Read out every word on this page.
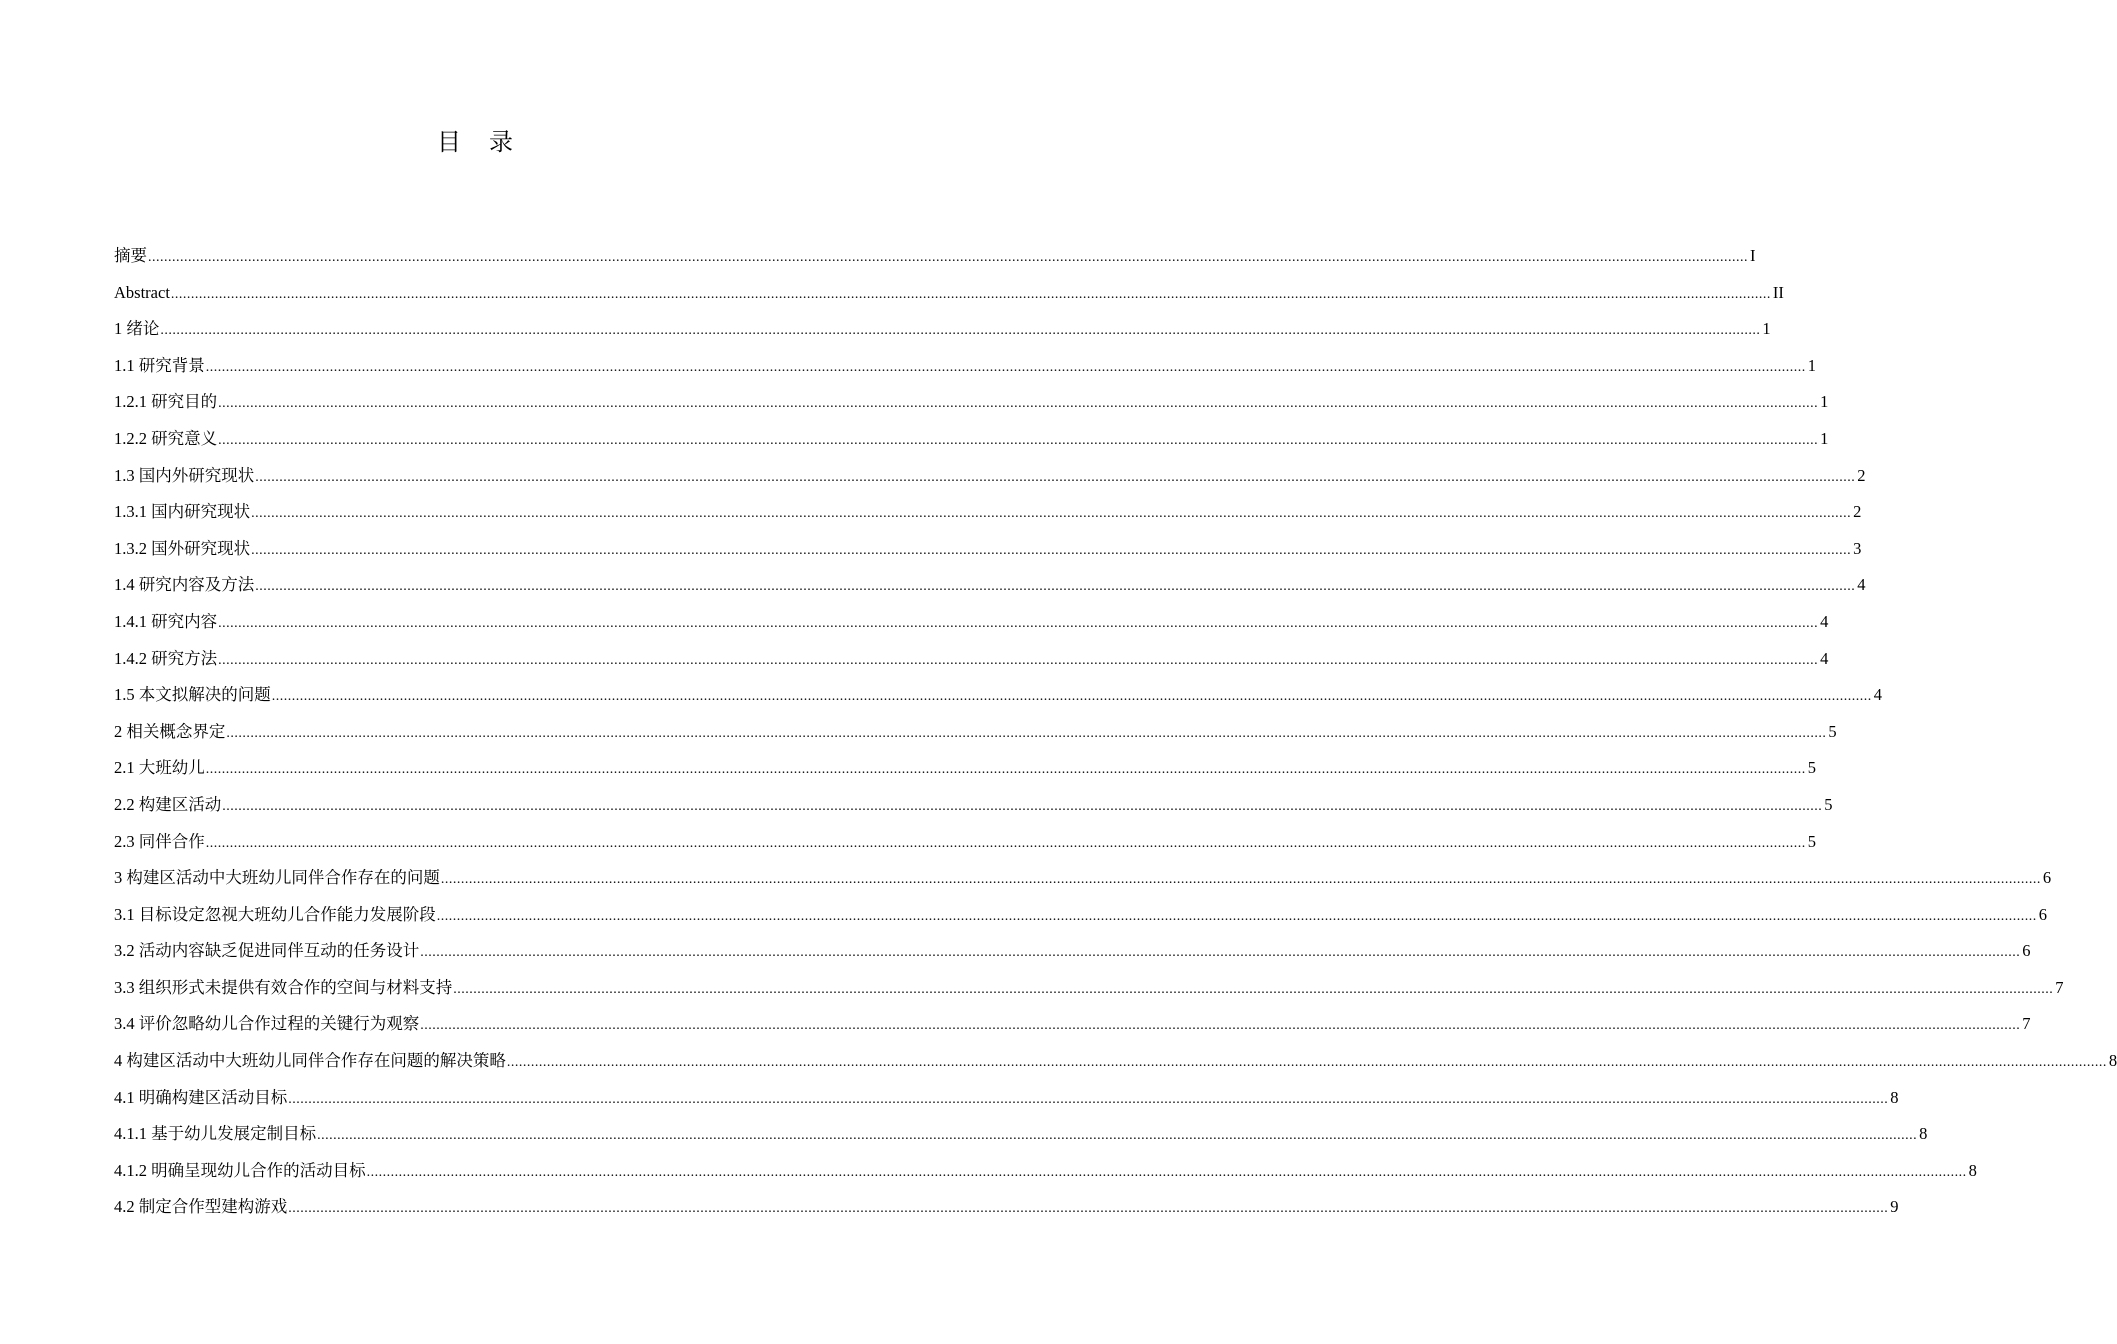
目 录
摘要 ................................................................................................................................................................................................................................................................................................................................................................................................................ I
Abstract ................................................................................................................................................................................................................................................................................................................................................................................................................ II
1 绪论 ................................................................................................................................................................................................................................................................................................................................................................................................................ 1
1.1 研究背景 ................................................................................................................................................................................................................................................................................................................................................................................................................ 1
1.2.1 研究目的 ................................................................................................................................................................................................................................................................................................................................................................................................................ 1
1.2.2 研究意义 ................................................................................................................................................................................................................................................................................................................................................................................................................ 1
1.3 国内外研究现状 ................................................................................................................................................................................................................................................................................................................................................................................................................ 2
1.3.1 国内研究现状 ................................................................................................................................................................................................................................................................................................................................................................................................................ 2
1.3.2 国外研究现状 ................................................................................................................................................................................................................................................................................................................................................................................................................ 3
1.4 研究内容及方法 ................................................................................................................................................................................................................................................................................................................................................................................................................ 4
1.4.1 研究内容 ................................................................................................................................................................................................................................................................................................................................................................................................................ 4
1.4.2 研究方法 ................................................................................................................................................................................................................................................................................................................................................................................................................ 4
1.5 本文拟解决的问题 ................................................................................................................................................................................................................................................................................................................................................................................................................ 4
2 相关概念界定 ................................................................................................................................................................................................................................................................................................................................................................................................................ 5
2.1 大班幼儿 ................................................................................................................................................................................................................................................................................................................................................................................................................ 5
2.2 构建区活动 ................................................................................................................................................................................................................................................................................................................................................................................................................ 5
2.3 同伴合作 ................................................................................................................................................................................................................................................................................................................................................................................................................ 5
3 构建区活动中大班幼儿同伴合作存在的问题 ................................................................................................................................................................................................................................................................................................................................................................................................................ 6
3.1 目标设定忽视大班幼儿合作能力发展阶段 ................................................................................................................................................................................................................................................................................................................................................................................................................ 6
3.2 活动内容缺乏促进同伴互动的任务设计 ................................................................................................................................................................................................................................................................................................................................................................................................................ 6
3.3 组织形式未提供有效合作的空间与材料支持 ................................................................................................................................................................................................................................................................................................................................................................................................................ 7
3.4 评价忽略幼儿合作过程的关键行为观察 ................................................................................................................................................................................................................................................................................................................................................................................................................ 7
4 构建区活动中大班幼儿同伴合作存在问题的解决策略 ................................................................................................................................................................................................................................................................................................................................................................................................................ 8
4.1 明确构建区活动目标 ................................................................................................................................................................................................................................................................................................................................................................................................................ 8
4.1.1 基于幼儿发展定制目标 ................................................................................................................................................................................................................................................................................................................................................................................................................ 8
4.1.2 明确呈现幼儿合作的活动目标 ................................................................................................................................................................................................................................................................................................................................................................................................................ 8
4.2 制定合作型建构游戏 ................................................................................................................................................................................................................................................................................................................................................................................................................ 9
